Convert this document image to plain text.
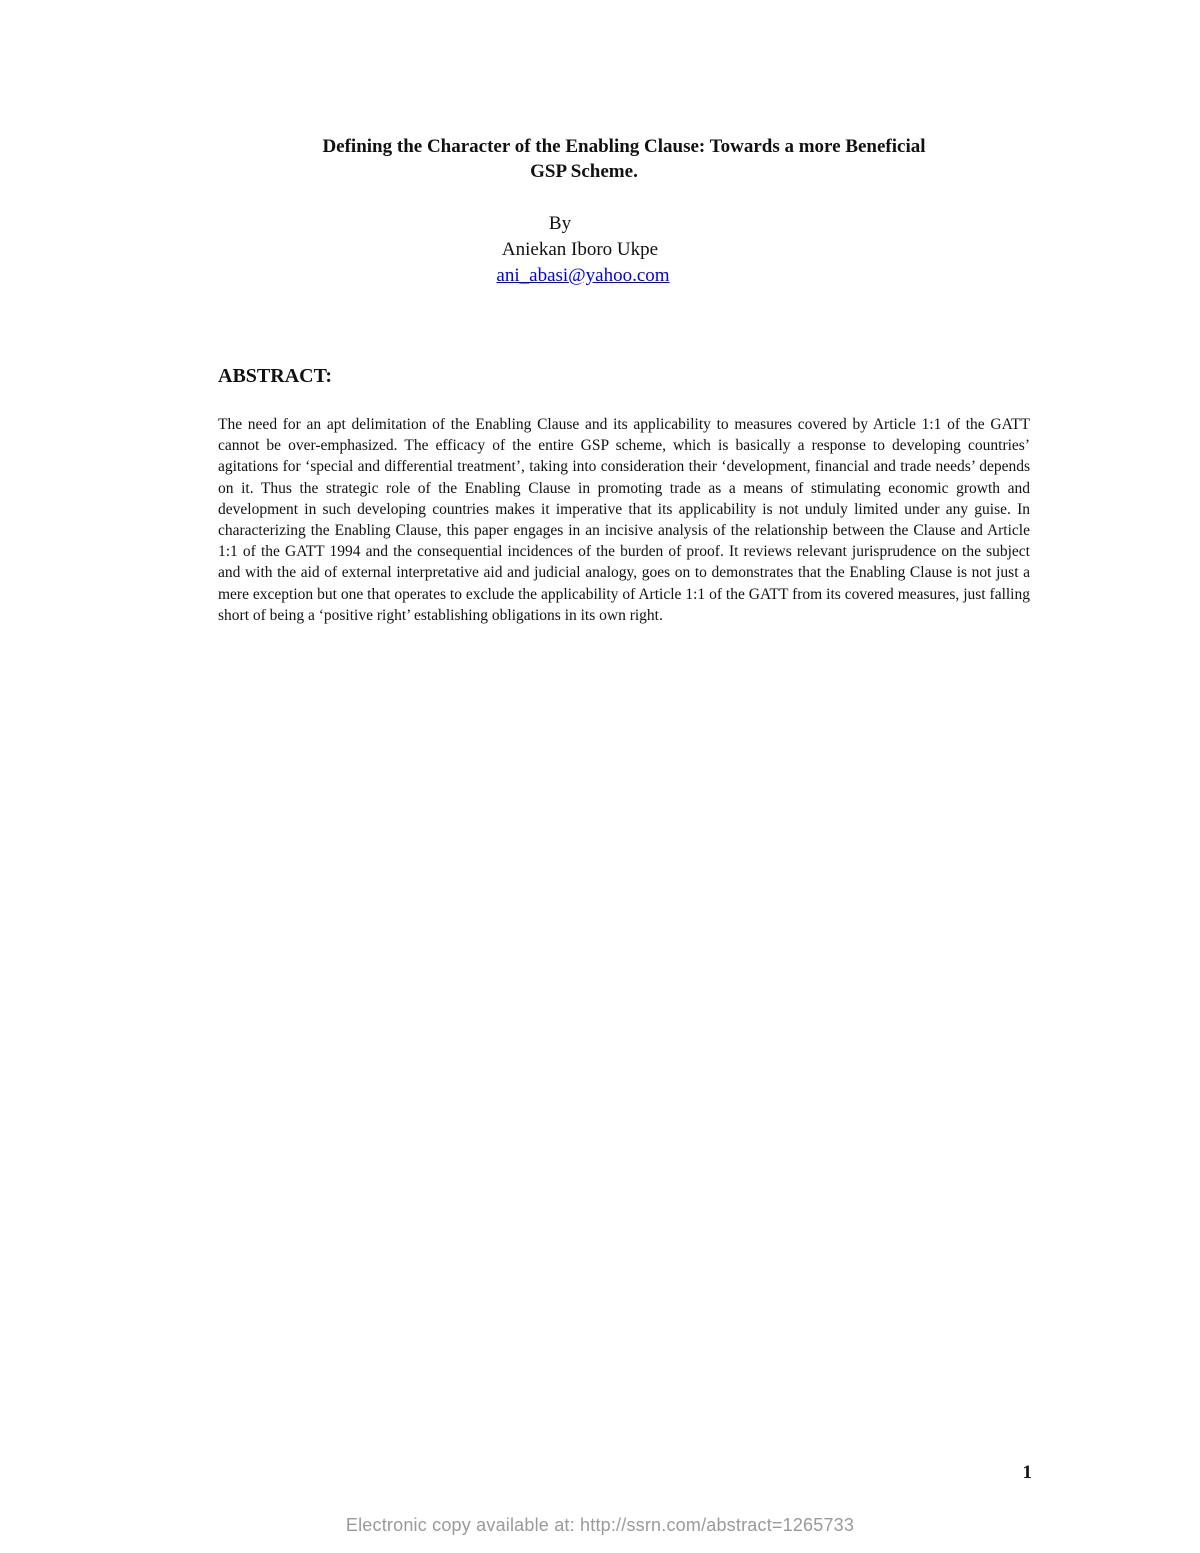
Defining the Character of the Enabling Clause: Towards a more Beneficial
GSP Scheme.
By
Aniekan Iboro Ukpe
ani_abasi@yahoo.com
ABSTRACT:
The need for an apt delimitation of the Enabling Clause and its applicability to measures covered by Article 1:1 of the GATT cannot be over-emphasized. The efficacy of the entire GSP scheme, which is basically a response to developing countries’ agitations for ‘special and differential treatment’, taking into consideration their ‘development, financial and trade needs’ depends on it. Thus the strategic role of the Enabling Clause in promoting trade as a means of stimulating economic growth and development in such developing countries makes it imperative that its applicability is not unduly limited under any guise. In characterizing the Enabling Clause, this paper engages in an incisive analysis of the relationship between the Clause and Article 1:1 of the GATT 1994 and the consequential incidences of the burden of proof. It reviews relevant jurisprudence on the subject and with the aid of external interpretative aid and judicial analogy, goes on to demonstrates that the Enabling Clause is not just a mere exception but one that operates to exclude the applicability of Article 1:1 of the GATT from its covered measures, just falling short of being a ‘positive right’ establishing obligations in its own right.
1
Electronic copy available at: http://ssrn.com/abstract=1265733
